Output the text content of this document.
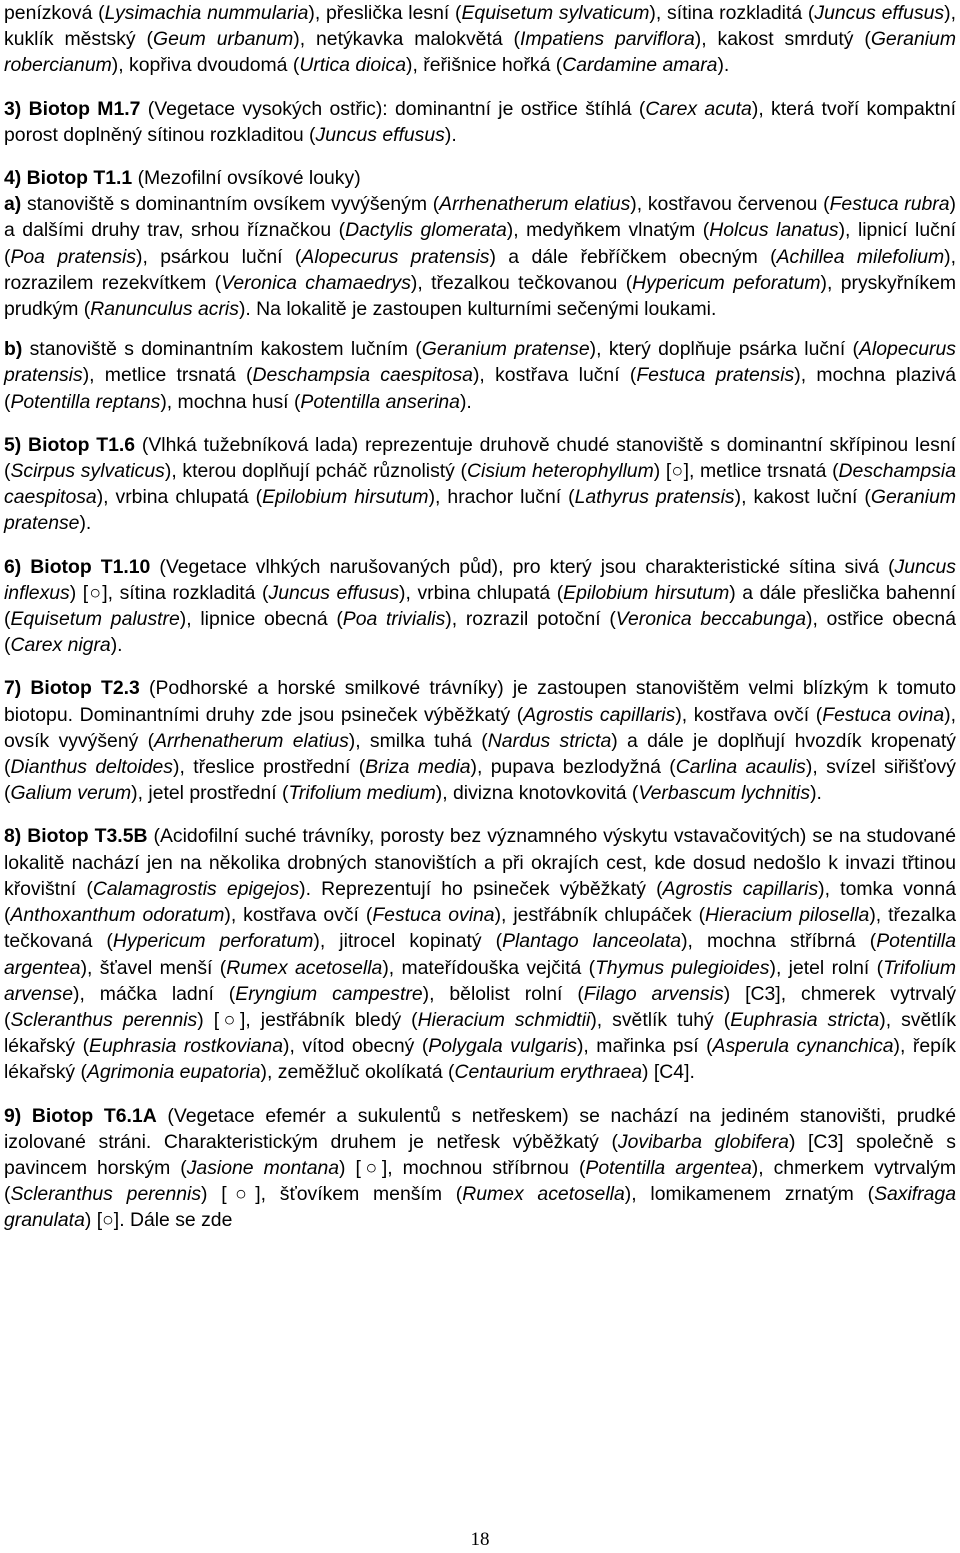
penízková (Lysimachia nummularia), přeslička lesní (Equisetum sylvaticum), sítina rozkladitá (Juncus effusus), kuklík městský (Geum urbanum), netýkavka malokvětá (Impatiens parviflora), kakost smrdutý (Geranium robercianum), kopřiva dvoudomá (Urtica dioica), řeřišnice hořká (Cardamine amara).

3) Biotop M1.7 (Vegetace vysokých ostřic): dominantní je ostřice štíhlá (Carex acuta), která tvoří kompaktní porost doplněný sítinou rozkladitou (Juncus effusus).

4) Biotop T1.1 (Mezofilní ovsíkové louky)

a) stanoviště s dominantním ovsíkem vyvýšeným (Arrhenatherum elatius), kostřavou červenou (Festuca rubra) a dalšími druhy trav, srhou říznačkou (Dactylis glomerata), medyňkem vlnatým (Holcus lanatus), lipnicí luční (Poa pratensis), psárkou luční (Alopecurus pratensis) a dále řebříčkem obecným (Achillea milefolium), rozrazilem rezekvítkem (Veronica chamaedrys), třezalkou tečkovanou (Hypericum peforatum), pryskyřníkem prudkým (Ranunculus acris). Na lokalitě je zastoupen kulturními sečenými loukami.

b) stanoviště s dominantním kakostem lučním (Geranium pratense), který doplňuje psárka luční (Alopecurus pratensis), metlice trsnatá (Deschampsia caespitosa), kostřava luční (Festuca pratensis), mochna plazivá (Potentilla reptans), mochna husí (Potentilla anserina).

5) Biotop T1.6 (Vlhká tužebníková lada) reprezentuje druhově chudé stanoviště s dominantní skřípinou lesní (Scirpus sylvaticus), kterou doplňují pcháč různolistý (Cisium heterophyllum) [○], metlice trsnatá (Deschampsia caespitosa), vrbina chlupatá (Epilobium hirsutum), hrachor luční (Lathyrus pratensis), kakost luční (Geranium pratense).

6) Biotop T1.10 (Vegetace vlhkých narušovaných půd), pro který jsou charakteristické sítina sivá (Juncus inflexus) [○], sítina rozkladitá (Juncus effusus), vrbina chlupatá (Epilobium hirsutum) a dále přeslička bahenní (Equisetum palustre), lipnice obecná (Poa trivialis), rozrazil potoční (Veronica beccabunga), ostřice obecná (Carex nigra).

7) Biotop T2.3 (Podhorské a horské smilkové trávníky) je zastoupen stanovištěm velmi blízkým k tomuto biotopu. Dominantními druhy zde jsou psineček výběžkatý (Agrostis capillaris), kostřava ovčí (Festuca ovina), ovsík vyvýšený (Arrhenatherum elatius), smilka tuhá (Nardus stricta) a dále je doplňují hvozdík kropenatý (Dianthus deltoides), třeslice prostřední (Briza media), pupava bezlodyžná (Carlina acaulis), svízel siřišťový (Galium verum), jetel prostřední (Trifolium medium), divizna knotovkovitá (Verbascum lychnitis).

8) Biotop T3.5B (Acidofilní suché trávníky, porosty bez významného výskytu vstavačovitých) se na studované lokalitě nachází jen na několika drobných stanovištích a při okrajích cest, kde dosud nedošlo k invazi třtinou křovištní (Calamagrostis epigejos). Reprezentují ho psineček výběžkatý (Agrostis capillaris), tomka vonná (Anthoxanthum odoratum), kostřava ovčí (Festuca ovina), jestřábník chlupáček (Hieracium pilosella), třezalka tečkovaná (Hypericum perforatum), jitrocel kopinatý (Plantago lanceolata), mochna stříbrná (Potentilla argentea), šťavel menší (Rumex acetosella), mateřídouška vejčitá (Thymus pulegioides), jetel rolní (Trifolium arvense), máčka ladní (Eryngium campestre), bělolist rolní (Filago arvensis) [C3], chmerek vytrvalý (Scleranthus perennis) [○], jestřábník bledý (Hieracium schmidtii), světlík tuhý (Euphrasia stricta), světlík lékařský (Euphrasia rostkoviana), vítod obecný (Polygala vulgaris), mařinka psí (Asperula cynanchica), řepík lékařský (Agrimonia eupatoria), zeměžluč okolíkatá (Centaurium erythraea) [C4].

9) Biotop T6.1A (Vegetace efemér a sukulentů s netřeskem) se nachází na jediném stanovišti, prudké izolované stráni. Charakteristickým druhem je netřesk výběžkatý (Jovibarba globifera) [C3] společně s pavincem horským (Jasione montana) [○], mochnou stříbrnou (Potentilla argentea), chmerkem vytrvalým (Scleranthus perennis) [○], šťovíkem menším (Rumex acetosella), lomikamenem zrnatým (Saxifraga granulata) [○]. Dále se zde

18
